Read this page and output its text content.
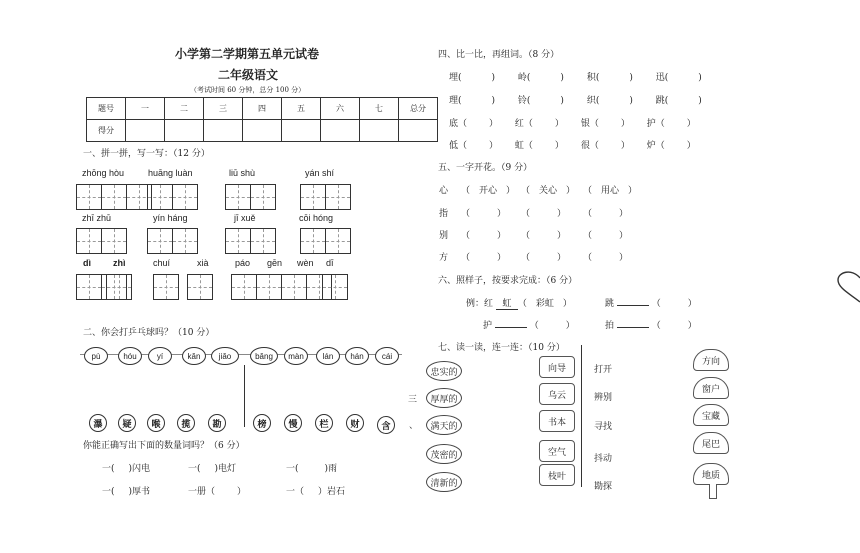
小学第二学期第五单元试卷
二年级语文
（考试时间 60 分钟，总分 100 分）
题号	一	二	三	四	五	六	七	总分
得分								
一、拼一拼，写一写：（12 分）
zhōng hòu	huāng luàn	liū shù	yán shí
zhī zhū	yín háng	jī xuě	cōi hóng
dì zhì	chuí	xià	páo gēn wèn dī
二、你会打乒乓球吗？（10 分）
pù	hóu	yí	kǎn	jiǎo	bǎng	màn	lán	hán	cái
瀑	疑	喉	揽	勘	榜	慢	栏	财	含	、
三
你能正确写出下面的数量词吗？（6 分）
一( )闪电	一( )电灯	一(	)雨
一( )厚书	一册（ ）	一（ ）岩石
四、比一比，再组词。（8 分）
埋(	)	岭(	)	积(	)	迅(	)
理(	)	铃(	)	织(	)	跳(	)
底（ ） 红（ ） 银（ ） 护（ ）
低（ ） 虹（ ） 很（ ） 炉（ ）
五、一字开花。（9 分）
心 （　开心　） （　关心　） （　用心　）
指 （　　　） （　　　） （　　　）
别 （　　　） （　　　） （　　　）
方 （　　　） （　　　） （　　　）
六、照样子，按要求完成：（6 分）
例：红 虹 （　彩虹　）	跳	（　　　）
护	（　　　）	拍	（　　　）
七、读一读，连一连：（10 分）
忠实的
厚厚的
满天的
茂密的
清新的
向导
乌云
书本
空气
枝叶
打开
辨别
寻找
抖动
勘探
方向
窗户
宝藏
尾巴
地质
